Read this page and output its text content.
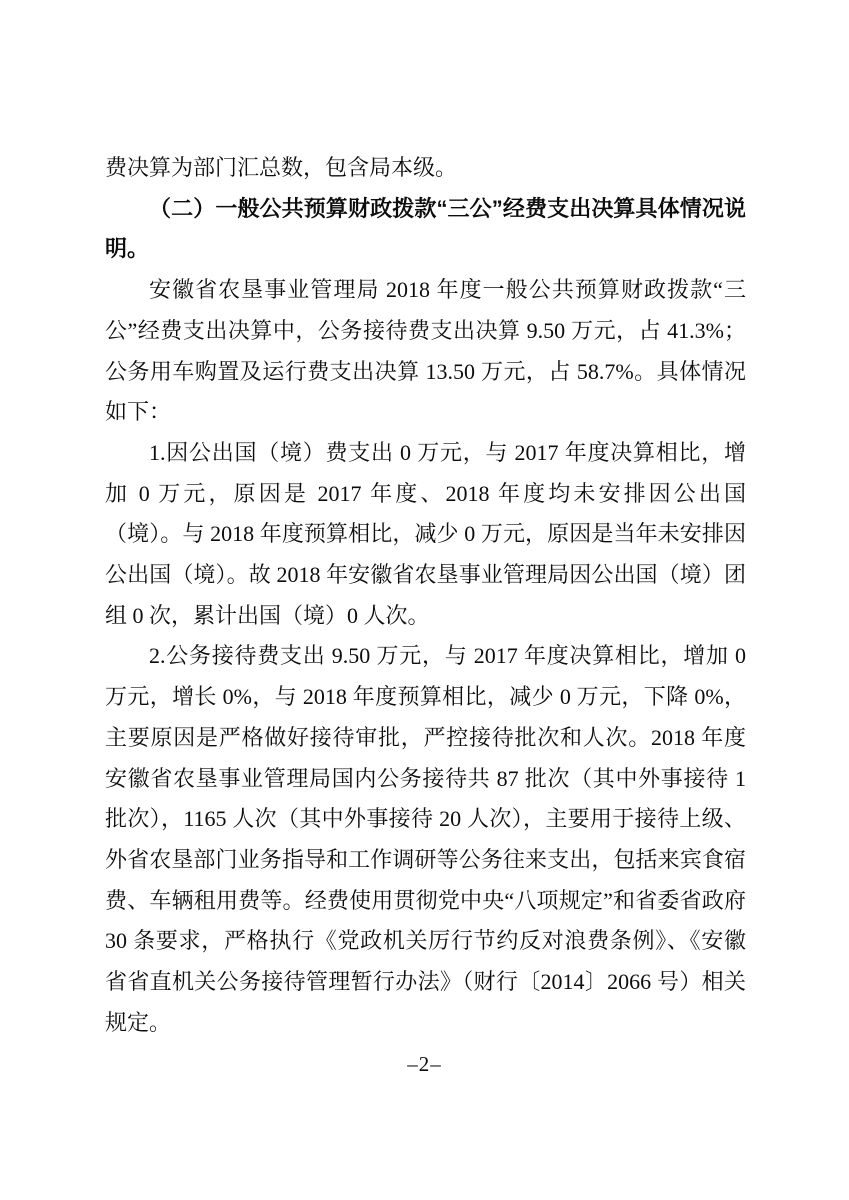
费决算为部门汇总数，包含局本级。

（二）一般公共预算财政拨款“三公”经费支出决算具体情况说明。

安徽省农垦事业管理局 2018 年度一般公共预算财政拨款“三公”经费支出决算中，公务接待费支出决算 9.50 万元，占 41.3%；公务用车购置及运行费支出决算 13.50 万元，占 58.7%。具体情况如下：

1.因公出国（境）费支出 0 万元，与 2017 年度决算相比，增加 0 万元，原因是 2017 年度、2018 年度均未安排因公出国（境）。与 2018 年度预算相比，减少 0 万元，原因是当年未安排因公出国（境）。故 2018 年安徽省农垦事业管理局因公出国（境）团组 0 次，累计出国（境）0 人次。

2.公务接待费支出 9.50 万元，与 2017 年度决算相比，增加 0 万元，增长 0%，与 2018 年度预算相比，减少 0 万元，下降 0%，主要原因是严格做好接待审批，严控接待批次和人次。2018 年度安徽省农垦事业管理局国内公务接待共 87 批次（其中外事接待 1 批次），1165 人次（其中外事接待 20 人次），主要用于接待上级、外省农垦部门业务指导和工作调研等公务往来支出，包括来宾食宿费、车辆租用费等。经费使用贯彻党中央“八项规定”和省委省政府 30 条要求，严格执行《党政机关厉行节约反对浪费条例》、《安徽省省直机关公务接待管理暂行办法》（财行〔2014〕2066 号）相关规定。

–2–
